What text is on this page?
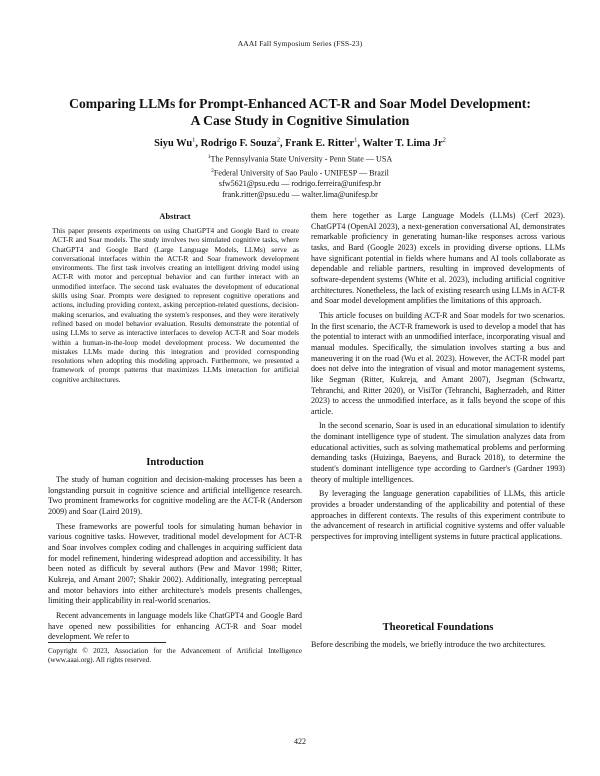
AAAI Fall Symposium Series (FSS-23)
Comparing LLMs for Prompt-Enhanced ACT-R and Soar Model Development:
A Case Study in Cognitive Simulation
Siyu Wu$^1$, Rodrigo F. Souza$^2$, Frank E. Ritter$^1$, Walter T. Lima Jr$^2$
$^1$The Pennsylvania State University - Penn State — USA
$^2$Federal University of Sao Paulo - UNIFESP — Brazil
sfw5621@psu.edu — rodrigo.ferreira@unifesp.br
frank.ritter@psu.edu — walter.lima@unifesp.br
Abstract
This paper presents experiments on using ChatGPT4 and Google Bard to create ACT-R and Soar models. The study involves two simulated cognitive tasks, where ChatGPT4 and Google Bard (Large Language Models, LLMs) serve as conversational interfaces within the ACT-R and Soar framework development environments. The first task involves creating an intelligent driving model using ACT-R with motor and perceptual behavior and can further interact with an unmodified interface. The second task evaluates the development of educational skills using Soar. Prompts were designed to represent cognitive operations and actions, including providing context, asking perception-related questions, decision-making scenarios, and evaluating the system's responses, and they were iteratively refined based on model behavior evaluation. Results demonstrate the potential of using LLMs to serve as interactive interfaces to develop ACT-R and Soar models within a human-in-the-loop model development process. We documented the mistakes LLMs made during this integration and provided corresponding resolutions when adopting this modeling approach. Furthermore, we presented a framework of prompt patterns that maximizes LLMs interaction for artificial cognitive architectures.
Introduction

The study of human cognition and decision-making processes has been a longstanding pursuit in cognitive science and artificial intelligence research. Two prominent frameworks for cognitive modeling are the ACT-R (Anderson 2009) and Soar (Laird 2019).

These frameworks are powerful tools for simulating human behavior in various cognitive tasks. However, traditional model development for ACT-R and Soar involves complex coding and challenges in acquiring sufficient data for model refinement, hindering widespread adoption and accessibility. It has been noted as difficult by several authors (Pew and Mavor 1998; Ritter, Kukreja, and Amant 2007; Shakir 2002). Additionally, integrating perceptual and motor behaviors into either architecture's models presents challenges, limiting their applicability in real-world scenarios.

Recent advancements in language models like ChatGPT4 and Google Bard have opened new possibilities for enhancing ACT-R and Soar model development. We refer to

Copyright © 2023, Association for the Advancement of Artificial Intelligence (www.aaai.org). All rights reserved.

them here together as Large Language Models (LLMs) (Cerf 2023). ChatGPT4 (OpenAI 2023), a next-generation conversational AI, demonstrates remarkable proficiency in generating human-like responses across various tasks, and Bard (Google 2023) excels in providing diverse options. LLMs have significant potential in fields where humans and AI tools collaborate as dependable and reliable partners, resulting in improved developments of software-dependent systems (White et al. 2023), including artificial cognitive architectures. Nonetheless, the lack of existing research using LLMs in ACT-R and Soar model development amplifies the limitations of this approach.

This article focuses on building ACT-R and Soar models for two scenarios. In the first scenario, the ACT-R framework is used to develop a model that has the potential to interact with an unmodified interface, incorporating visual and manual modules. Specifically, the simulation involves starting a bus and maneuvering it on the road (Wu et al. 2023). However, the ACT-R model part does not delve into the integration of visual and motor management systems, like Segman (Ritter, Kukreja, and Amant 2007), Jsegman (Schwartz, Tehranchi, and Ritter 2020), or VisiTor (Tehranchi, Bagherzadeh, and Ritter 2023) to access the unmodified interface, as it falls beyond the scope of this article.

In the second scenario, Soar is used in an educational simulation to identify the dominant intelligence type of student. The simulation analyzes data from educational activities, such as solving mathematical problems and performing demanding tasks (Huizinga, Baeyens, and Burack 2018), to determine the student's dominant intelligence type according to Gardner's (Gardner 1993) theory of multiple intelligences.

By leveraging the language generation capabilities of LLMs, this article provides a broader understanding of the applicability and potential of these approaches in different contexts. The results of this experiment contribute to the advancement of research in artificial cognitive systems and offer valuable perspectives for improving intelligent systems in future practical applications.

Theoretical Foundations

Before describing the models, we briefly introduce the two architectures.

422
